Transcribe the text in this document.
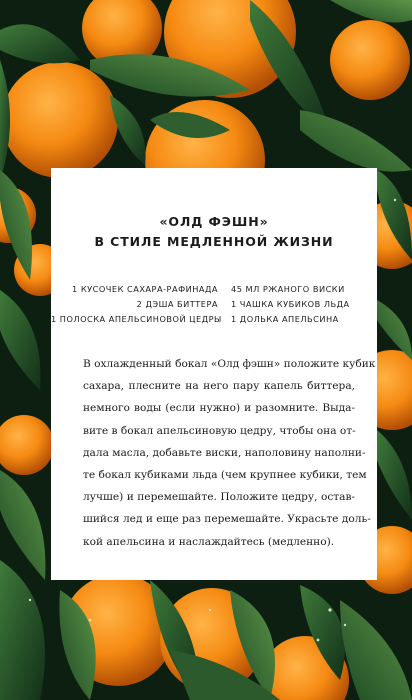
«ОЛД ФЭШН»
В СТИЛЕ МЕДЛЕННОЙ ЖИЗНИ
1 КУСОЧЕК САХАРА-РАФИНАДА
2 ДЭША БИТТЕРА
1 ПОЛОСКА АПЕЛЬСИНОВОЙ ЦЕДРЫ
45 МЛ РЖАНОГО ВИСКИ
1 ЧАШКА КУБИКОВ ЛЬДА
1 ДОЛЬКА АПЕЛЬСИНА
В охлажденный бокал «Олд фэшн» положите кубик
сахара, плесните на него пару капель биттера,
немного воды (если нужно) и разомните. Выда-
вите в бокал апельсиновую цедру, чтобы она от-
дала масла, добавьте виски, наполовину наполни-
те бокал кубиками льда (чем крупнее кубики, тем
лучше) и перемешайте. Положите цедру, остав-
шийся лед и еще раз перемешайте. Украсьте доль-
кой апельсина и наслаждайтесь (медленно).
